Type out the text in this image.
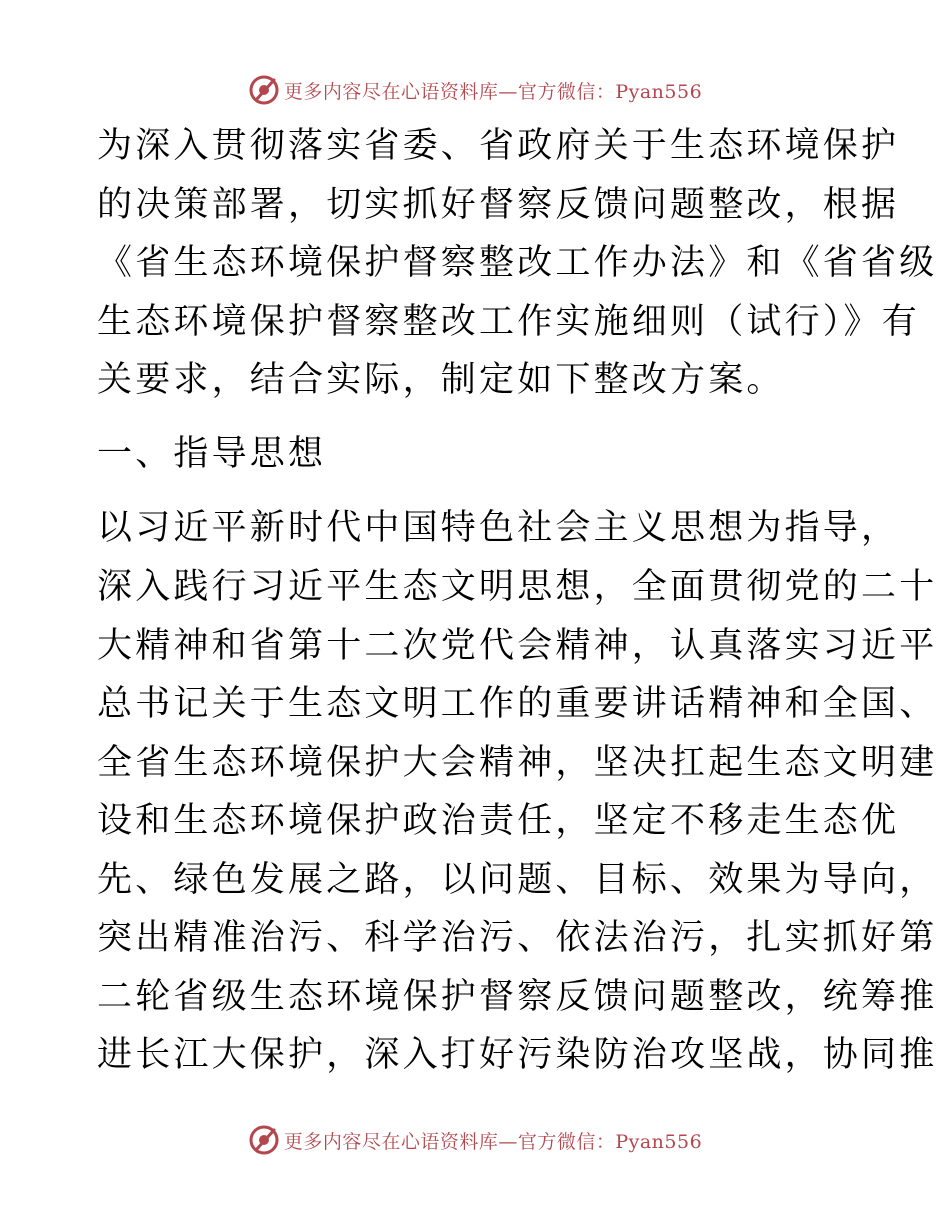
更多内容尽在心语资料库—官方微信：Pyan556
为深入贯彻落实省委、省政府关于生态环境保护
的决策部署，切实抓好督察反馈问题整改，根据
《省生态环境保护督察整改工作办法》和《省省级
生态环境保护督察整改工作实施细则（试行）》有
关要求，结合实际，制定如下整改方案。
一、指导思想
以习近平新时代中国特色社会主义思想为指导，
深入践行习近平生态文明思想，全面贯彻党的二十
大精神和省第十二次党代会精神，认真落实习近平
总书记关于生态文明工作的重要讲话精神和全国、
全省生态环境保护大会精神，坚决扛起生态文明建
设和生态环境保护政治责任，坚定不移走生态优
先、绿色发展之路，以问题、目标、效果为导向，
突出精准治污、科学治污、依法治污，扎实抓好第
二轮省级生态环境保护督察反馈问题整改，统筹推
进长江大保护，深入打好污染防治攻坚战，协同推
更多内容尽在心语资料库—官方微信：Pyan556
